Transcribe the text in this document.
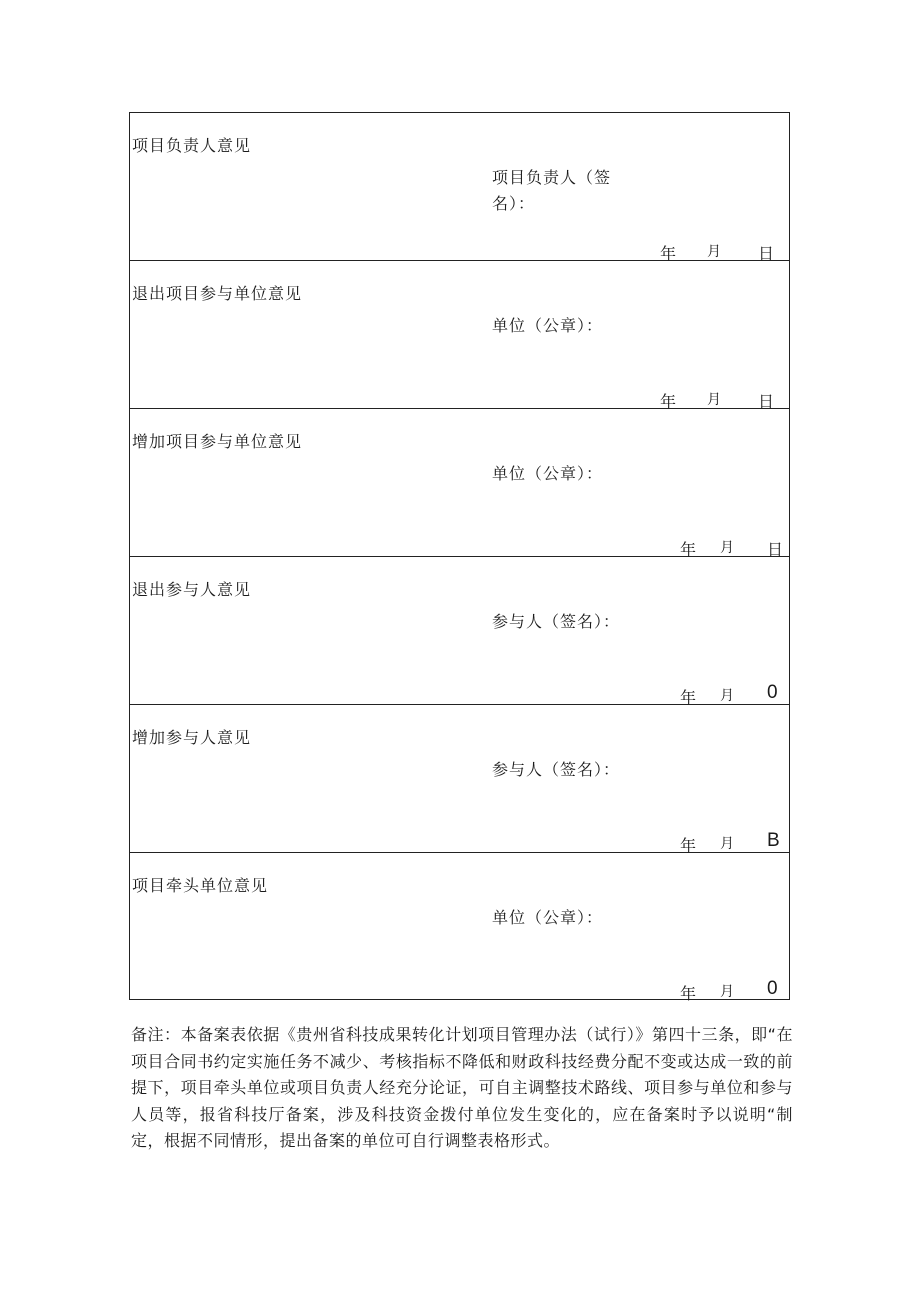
项目负责人意见
项目负责人（签名）：
年 月 日
退出项目参与单位意见
单位（公章）：
年 月 日
增加项目参与单位意见
单位（公章）：
年 月 日
退出参与人意见
参与人（签名）：
年 月 0
增加参与人意见
参与人（签名）：
年 月 B
项目牵头单位意见
单位（公章）：
年 月 0
备注：本备案表依据《贵州省科技成果转化计划项目管理办法（试行）》第四十三条，即“在项目合同书约定实施任务不减少、考核指标不降低和财政科技经费分配不变或达成一致的前提下，项目牵头单位或项目负责人经充分论证，可自主调整技术路线、项目参与单位和参与人员等，报省科技厅备案，涉及科技资金拨付单位发生变化的，应在备案时予以说明“制定，根据不同情形，提出备案的单位可自行调整表格形式。
